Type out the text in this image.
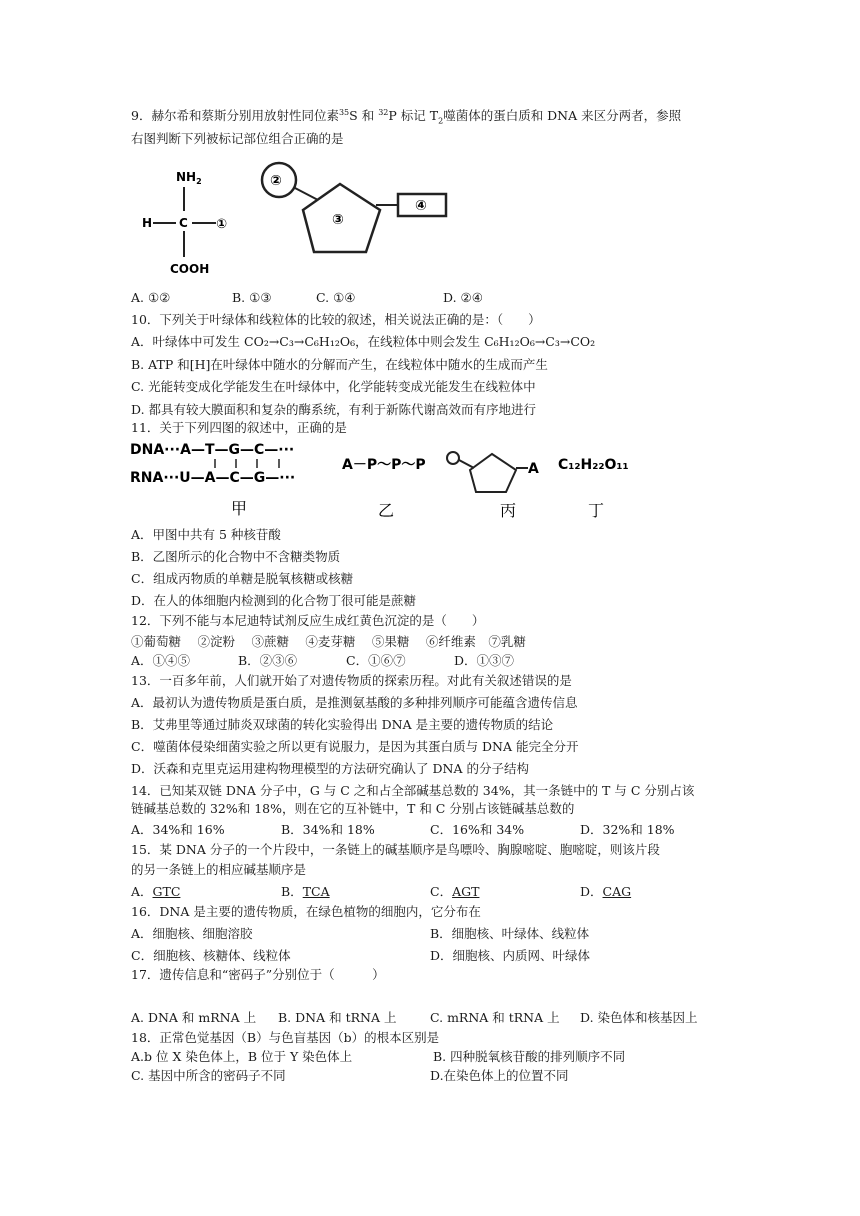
9．赫尔希和蔡斯分别用放射性同位素$^{35}$S 和 $^{32}$P 标记 $T_2$噬菌体的蛋白质和 DNA 来区分两者，参照
右图判断下列被标记部位组合正确的是
$NH_2$
H C ①
COOH
②
③
④
A. ①②	B. ①③	C. ①④	D. ②④
10．下列关于叶绿体和线粒体的比较的叙述，相关说法正确的是：（　　）
A．叶绿体中可发生 CO₂→C₃→C₆H₁₂O₆，在线粒体中则会发生 C₆H₁₂O₆→C₃→CO₂
B. ATP 和[H]在叶绿体中随水的分解而产生，在线粒体中随水的生成而产生
C. 光能转变成化学能发生在叶绿体中，化学能转变成光能发生在线粒体中
D. 都具有较大膜面积和复杂的酶系统，有利于新陈代谢高效而有序地进行
11．关于下列四图的叙述中，正确的是
DNA···A—T—G—C—···
RNA···U—A—C—G—···
A－P～P～P	A C₁₂H₂₂O₁₁
甲	乙	丙	丁
A．甲图中共有 5 种核苷酸
B．乙图所示的化合物中不含糖类物质
C．组成丙物质的单糖是脱氧核糖或核糖
D．在人的体细胞内检测到的化合物丁很可能是蔗糖
12．下列不能与本尼迪特试剂反应生成红黄色沉淀的是（　　）
①葡萄糖　 ②淀粉　 ③蔗糖　 ④麦芽糖　 ⑤果糖　 ⑥纤维素　⑦乳糖
A．①④⑤	B．②③⑥	C．①⑥⑦	D．①③⑦
13．一百多年前，人们就开始了对遗传物质的探索历程。对此有关叙述错误的是
A．最初认为遗传物质是蛋白质，是推测氨基酸的多种排列顺序可能蕴含遗传信息
B．艾弗里等通过肺炎双球菌的转化实验得出 DNA 是主要的遗传物质的结论
C．噬菌体侵染细菌实验之所以更有说服力，是因为其蛋白质与 DNA 能完全分开
D．沃森和克里克运用建构物理模型的方法研究确认了 DNA 的分子结构
14．已知某双链 DNA 分子中，G 与 C 之和占全部碱基总数的 34%，其一条链中的 T 与 C 分别占该
链碱基总数的 32%和 18%，则在它的互补链中，T 和 C 分别占该链碱基总数的
A．34%和 16%	B．34%和 18%	C．16%和 34%	D．32%和 18%
15．某 DNA 分子的一个片段中，一条链上的碱基顺序是鸟嘌呤、胸腺嘧啶、胞嘧啶，则该片段
的另一条链上的相应碱基顺序是
A．GTC	B．TCA	C．AGT	D．CAG
16．DNA 是主要的遗传物质，在绿色植物的细胞内，它分布在
A．细胞核、细胞溶胶	B．细胞核、叶绿体、线粒体
C．细胞核、核糖体、线粒体	D．细胞核、内质网、叶绿体
17．遗传信息和“密码子”分别位于（　　　）
A. DNA 和 mRNA 上 B. DNA 和 tRNA 上	C. mRNA 和 tRNA 上 D. 染色体和核基因上
18．正常色觉基因（B）与色盲基因（b）的根本区别是
A.b 位 X 染色体上，B 位于 Y 染色体上	B. 四种脱氧核苷酸的排列顺序不同
C. 基因中所含的密码子不同	D.在染色体上的位置不同
